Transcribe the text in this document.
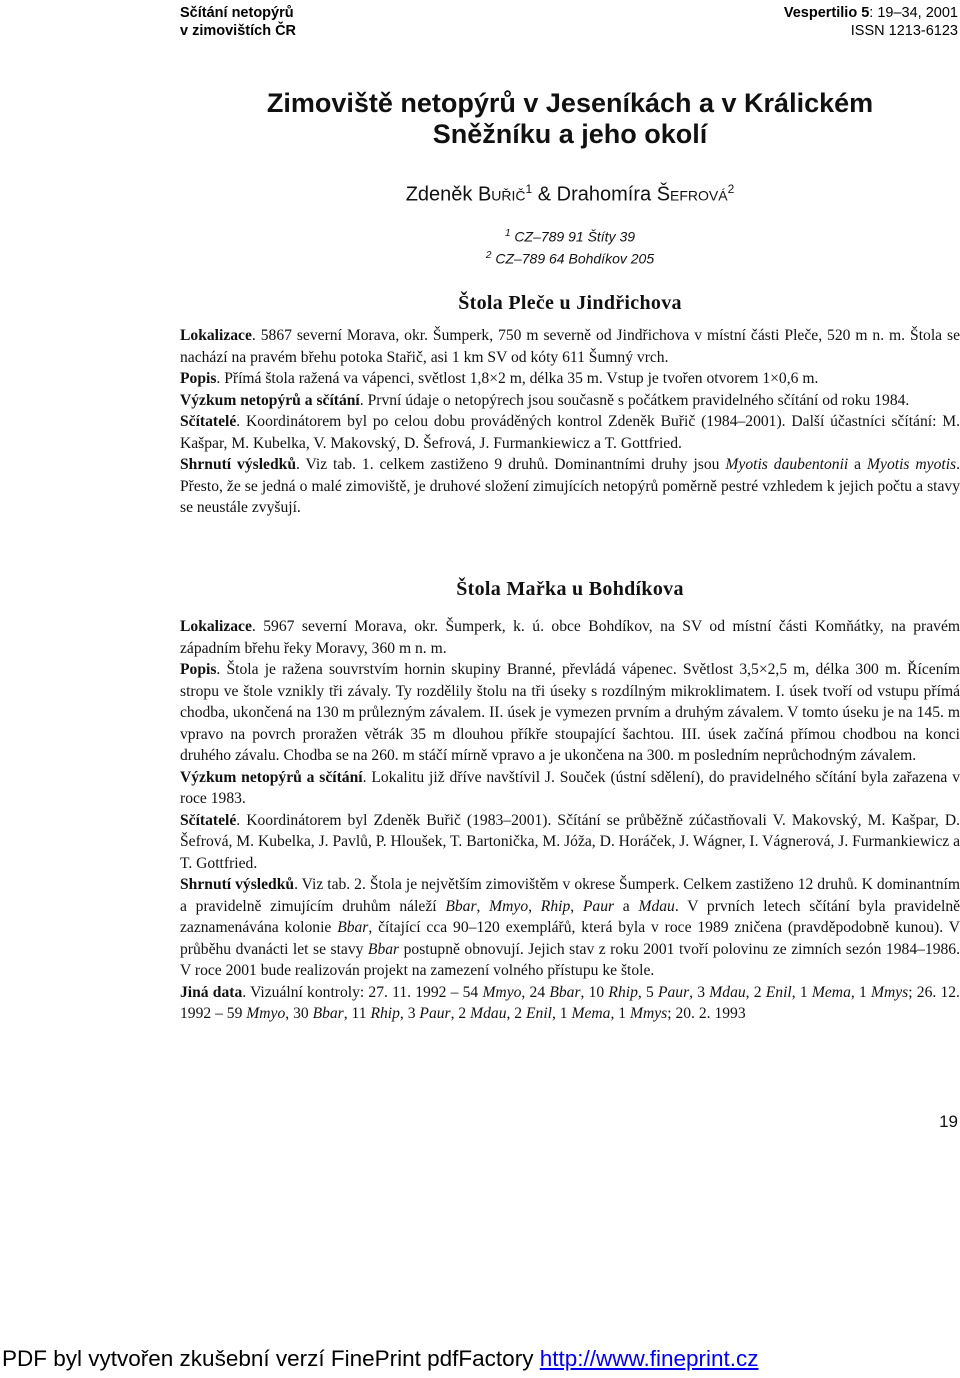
Sčítání netopýrů
v zimovištích ČR
Vespertilio 5: 19–34, 2001
ISSN 1213-6123
Zimoviště netopýrů v Jeseníkách a v Králickém
Sněžníku a jeho okolí
Zdeněk Buřič$^1$ & Drahomíra Šefrová$^2$
$^1$ CZ–789 91 Štíty 39
$^2$ CZ–789 64 Bohdíkov 205
Štola Pleče u Jindřichova

Lokalizace. 5867 severní Morava, okr. Šumperk, 750 m severně od Jindřichova v místní části Pleče, 520 m n. m. Štola se nachází na pravém břehu potoka Stařič, asi 1 km SV od kóty 611 Šumný vrch.

Popis. Přímá štola ražená va vápenci, světlost 1,8×2 m, délka 35 m. Vstup je tvořen otvorem 1×0,6 m.

Výzkum netopýrů a sčítání. První údaje o netopýrech jsou současně s počátkem pravidelného sčítání od roku 1984.

Sčítatelé. Koordinátorem byl po celou dobu prováděných kontrol Zdeněk Buřič (1984–2001). Další účastníci sčítání: M. Kašpar, M. Kubelka, V. Makovský, D. Šefrová, J. Furmankiewicz a T. Gottfried.

Shrnutí výsledků. Viz tab. 1. celkem zastiženo 9 druhů. Dominantními druhy jsou Myotis daubentonii a Myotis myotis. Přesto, že se jedná o malé zimoviště, je druhové složení zimujících netopýrů poměrně pestré vzhledem k jejich počtu a stavy se neustále zvyšují.

Štola Mařka u Bohdíkova

Lokalizace. 5967 severní Morava, okr. Šumperk, k. ú. obce Bohdíkov, na SV od místní části Komňátky, na pravém západním břehu řeky Moravy, 360 m n. m.

Popis. Štola je ražena souvrstvím hornin skupiny Branné, převládá vápenec. Světlost 3,5×2,5 m, délka 300 m. Řícením stropu ve štole vznikly tři závaly. Ty rozdělily štolu na tři úseky s rozdílným mikroklimatem. I. úsek tvoří od vstupu přímá chodba, ukončená na 130 m průlezným závalem. II. úsek je vymezen prvním a druhým závalem. V tomto úseku je na 145. m vpravo na povrch proražen větrák 35 m dlouhou příkře stoupající šachtou. III. úsek začíná přímou chodbou na konci druhého závalu. Chodba se na 260. m stáčí mírně vpravo a je ukončena na 300. m posledním neprůchodným závalem.

Výzkum netopýrů a sčítání. Lokalitu již dříve navštívil J. Souček (ústní sdělení), do pravidelného sčítání byla zařazena v roce 1983.

Sčítatelé. Koordinátorem byl Zdeněk Buřič (1983–2001). Sčítání se průběžně zúčastňovali V. Makovský, M. Kašpar, D. Šefrová, M. Kubelka, J. Pavlů, P. Hloušek, T. Bartonička, M. Jóža, D. Horáček, J. Wágner, I. Vágnerová, J. Furmankiewicz a T. Gottfried.

Shrnutí výsledků. Viz tab. 2. Štola je největším zimovištěm v okrese Šumperk. Celkem zastiženo 12 druhů. K dominantním a pravidelně zimujícím druhům náleží Bbar, Mmyo, Rhip, Paur a Mdau. V prvních letech sčítání byla pravidelně zaznamenávána kolonie Bbar, čítající cca 90–120 exemplářů, která byla v roce 1989 zničena (pravděpodobně kunou). V průběhu dvanácti let se stavy Bbar postupně obnovují. Jejich stav z roku 2001 tvoří polovinu ze zimních sezón 1984–1986. V roce 2001 bude realizován projekt na zamezení volného přístupu ke štole.

Jiná data. Vizuální kontroly: 27. 11. 1992 – 54 Mmyo, 24 Bbar, 10 Rhip, 5 Paur, 3 Mdau, 2 Enil, 1 Mema, 1 Mmys; 26. 12. 1992 – 59 Mmyo, 30 Bbar, 11 Rhip, 3 Paur, 2 Mdau, 2 Enil, 1 Mema, 1 Mmys; 20. 2. 1993

19
PDF byl vytvořen zkušební verzí FinePrint pdfFactory http://www.fineprint.cz
